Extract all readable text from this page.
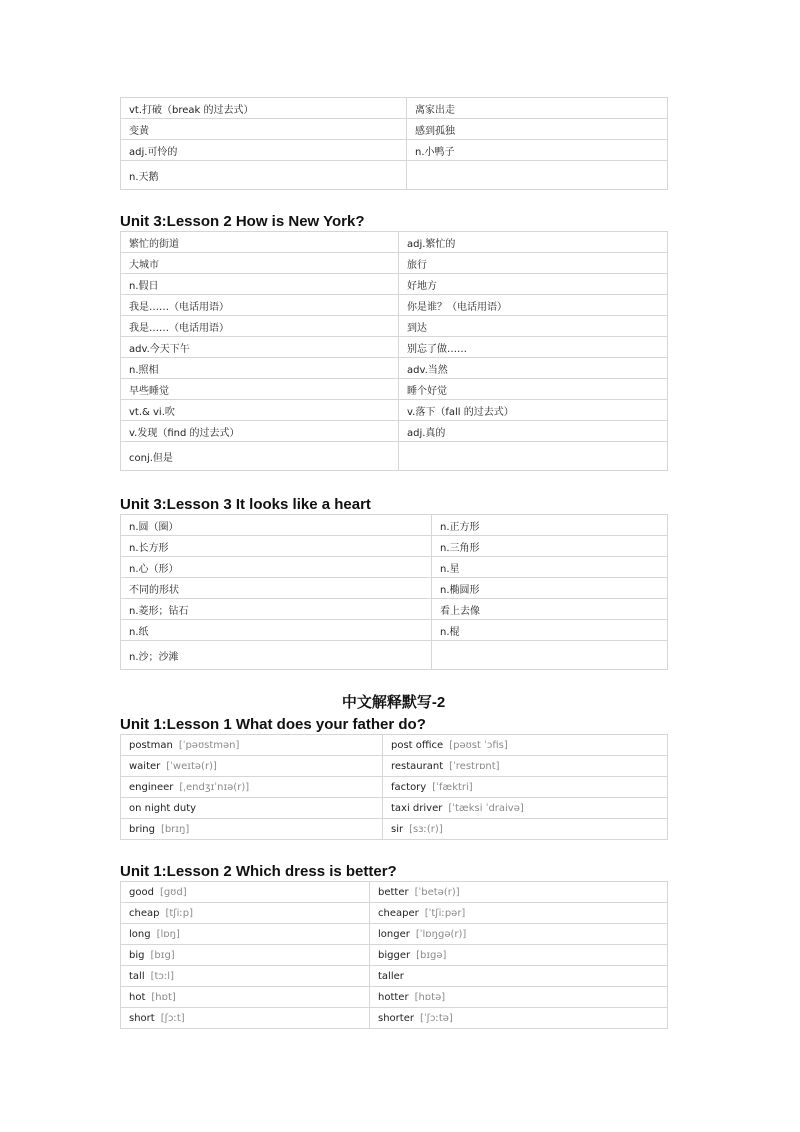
vt.打破（break 的过去式）	离家出走
变黄	感到孤独
adj.可怜的	n.小鸭子
n.天鹅	
Unit 3:Lesson 2 How is New York?
繁忙的街道	adj.繁忙的
大城市	旅行
n.假日	好地方
我是……（电话用语）	你是谁？（电话用语）
我是……（电话用语）	到达
adv.今天下午	别忘了做……
n.照相	adv.当然
早些睡觉	睡个好觉
vt.& vi.吹	v.落下（fall 的过去式）
v.发现（find 的过去式）	adj.真的
conj.但是	
Unit 3:Lesson 3 It looks like a heart
n.圆（圈）	n.正方形
n.长方形	n.三角形
n.心（形）	n.星
不同的形状	n.椭圆形
n.菱形；钻石	看上去像
n.纸	n.棍
n.沙；沙滩	
中文解释默写-2
Unit 1:Lesson 1 What does your father do?
postman [ˈpəʊstmən]	post office [pəʊst ˈɔfis]
waiter [ˈweɪtə(r)]	restaurant [ˈrestrɒnt]
engineer [ˌendʒɪˈnɪə(r)]	factory [ˈfæktri]
on night duty	taxi driver [ˈtæksi ˈdraivə]
bring [brɪŋ]	sir [sɜː(r)]
Unit 1:Lesson 2 Which dress is better?
good [gʊd]	better [ˈbetə(r)]
cheap [tʃiːp]	cheaper [ˈtʃiːpər]
long [lɒŋ]	longer [ˈlɒŋgə(r)]
big [bɪg]	bigger [bɪgə]
tall [tɔːl]	taller
hot [hɒt]	hotter [hɒtə]
short [ʃɔːt]	shorter [ˈʃɔːtə]
